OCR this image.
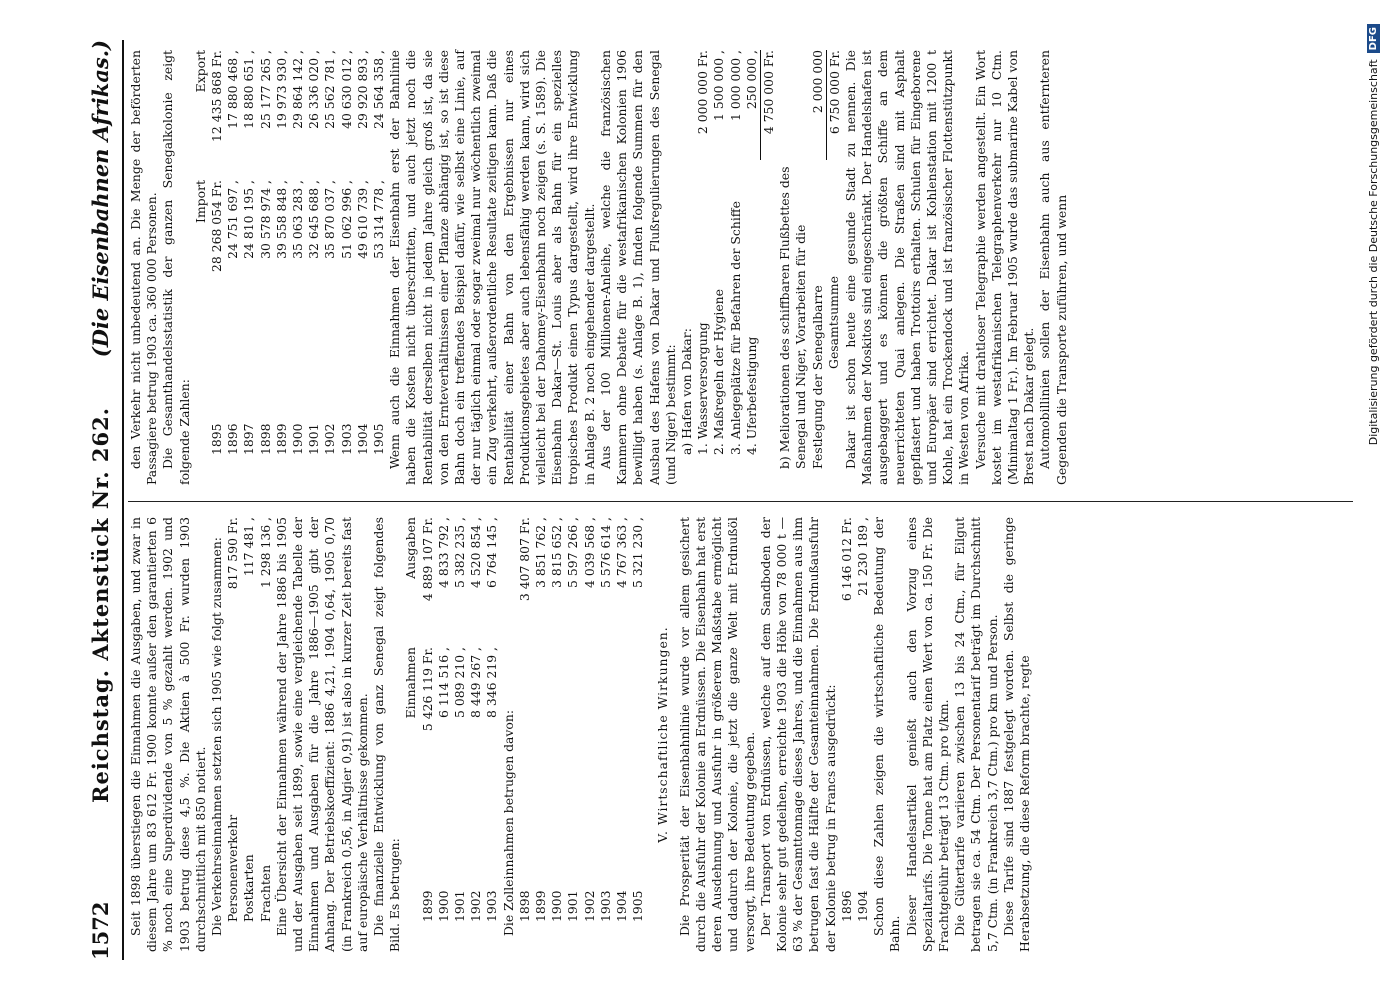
1572
Reichstag. Aktenstück Nr. 262.
(Die Eisenbahnen Afrikas.)

Seit 1898 überstiegen die Einnahmen die Ausgaben, und zwar in diesem Jahre um 83 612 Fr. 1900 konnte außer den garantierten 6 % noch eine Superdividende von 5 % gezahlt werden. 1902 und 1903 betrug diese 4,5 %. Die Aktien à 500 Fr. wurden 1903 durchschnittlich mit 850 notiert. Die Verkehrseinnahmen setzten sich 1905 wie folgt zusammen: Personenverkehr
817 590 Fr.
Postkarten
117 481 ,
Frachten
1 298 136 , Eine Übersicht der Einnahmen während der Jahre 1886 bis 1905 und der Ausgaben seit 1899, sowie eine vergleichende Tabelle der Einnahmen und Ausgaben für die Jahre 1886—1905 gibt der Anhang. Der Betriebskoeffizient: 1886 4,21, 1904 0,64, 1905 0,70 (in Frankreich 0,56, in Algier 0,91) ist also in kurzer Zeit bereits fast auf europäische Verhältnisse gekommen. Die finanzielle Entwicklung von ganz Senegal zeigt folgendes Bild. Es betrugen:

Einnahmen
Ausgaben
1899
5 426 119 Fr.
4 889 107 Fr.
1900
6 114 516 ,
4 833 792 ,
1901
5 089 210 ,
5 382 235 ,
1902
8 449 267 ,
4 520 854 ,
1903
8 346 219 ,
6 764 145 ,

Die Zolleinnahmen betrugen davon: 1898
3 407 807 Fr.
1899
3 851 762 ,
1900
3 815 652 ,
1901
5 597 266 ,
1902
4 039 568 ,
1903
5 576 614 ,
1904
4 767 363 ,
1905
5 321 230 ,
V. Wirtschaftliche Wirkungen. Die Prosperität der Eisenbahnlinie wurde vor allem gesichert durch die Ausfuhr der Kolonie an Erdnüssen. Die Eisenbahn hat erst deren Ausdehnung und Ausfuhr in größerem Maßstabe ermöglicht und dadurch der Kolonie, die jetzt die ganze Welt mit Erdnußöl versorgt, ihre Bedeutung gegeben. Der Transport von Erdnüssen, welche auf dem Sandboden der Kolonie sehr gut gedeihen, erreichte 1903 die Höhe von 78 000 t — 63 % der Gesamttonnage dieses Jahres, und die Einnahmen aus ihm betrugen fast die Hälfte der Gesamteinnahmen. Die Erdnußausfuhr der Kolonie betrug in Francs ausgedrückt: 1896
6 146 012 Fr.
1904
21 230 189 , Schon diese Zahlen zeigen die wirtschaftliche Bedeutung der Bahn. Dieser Handelsartikel genießt auch den Vorzug eines Spezialtarifs. Die Tonne hat am Platz einen Wert von ca. 150 Fr. Die Frachtgebühr beträgt 13 Ctm. pro t/km. Die Gütertarife variieren zwischen 13 bis 24 Ctm., für Eilgut betragen sie ca. 54 Ctm. Der Personentarif beträgt im Durchschnitt 5,7 Ctm. (in Frankreich 3,7 Ctm.) pro km und Person. Diese Tarife sind 1887 festgelegt worden. Selbst die geringe Herabsetzung, die diese Reform brachte, regte

den Verkehr nicht unbedeutend an. Die Menge der beförderten Passagiere betrug 1903 ca. 360 000 Personen. Die Gesamthandelsstatistik der ganzen Senegalkolonie zeigt folgende Zahlen:

Import
Export
1895
28 268 054 Fr.
12 435 868 Fr.
1896
24 751 697 ,
17 880 468 ,
1897
24 810 195 ,
18 880 651 ,
1898
30 578 974 ,
25 177 265 ,
1899
39 558 848 ,
19 973 930 ,
1900
35 063 283 ,
29 864 142 ,
1901
32 645 688 ,
26 336 020 ,
1902
35 870 037 ,
25 562 781 ,
1903
51 062 996 ,
40 630 012 ,
1904
49 610 739 ,
29 920 893 ,
1905
53 314 778 ,
24 564 358 , Wenn auch die Einnahmen der Eisenbahn erst der Bahnlinie haben die Kosten nicht überschritten, und auch jetzt noch die Rentabilität derselben nicht in jedem Jahre gleich groß ist, da sie von den Ernteverhältnissen einer Pflanze abhängig ist, so ist diese Bahn doch ein treffendes Beispiel dafür, wie selbst eine Linie, auf der nur täglich einmal oder sogar zweimal nur wöchentlich zweimal ein Zug verkehrt, außerordentliche Resultate zeitigen kann. Daß die Rentabilität einer Bahn von den Ergebnissen nur eines Produktionsgebietes aber auch lebensfähig werden kann, wird sich vielleicht bei der Dahomey-Eisenbahn noch zeigen (s. S. 1589). Die Eisenbahn Dakar—St. Louis aber als Bahn für ein spezielles tropisches Produkt einen Typus dargestellt, wird ihre Entwicklung in Anlage B. 2 noch eingehender dargestellt. Aus der 100 Millionen-Anleihe, welche die französischen Kammern ohne Debatte für die westafrikanischen Kolonien 1906 bewilligt haben (s. Anlage B. 1), finden folgende Summen für den Ausbau des Hafens von Dakar und Flußregulierungen des Senegal (und Niger) bestimmt: a) Hafen von Dakar: 1. Wasserversorgung
2 000 000 Fr.
2. Maßregeln der Hygiene
1 500 000 ,
3. Anlegeplätze für Befahren der Schiffe
1 000 000 ,
4. Uferbefestigung
250 000 , 4 750 000 Fr.
b) Meliorationen des schiffbaren Flußbettes des Senegal und Niger, Vorarbeiten für die Festlegung der Senegalbarre
2 000 000
Gesamtsumme
6 750 000 Fr. Dakar ist schon heute eine gesunde Stadt zu nennen. Die Maßnahmen der Moskitos sind eingeschränkt. Der Handelshafen ist ausgebaggert und es können die größten Schiffe an dem neuerrichteten Quai anlegen. Die Straßen sind mit Asphalt gepflastert und haben Trottoirs erhalten. Schulen für Eingeborene und Europäer sind errichtet. Dakar ist Kohlenstation mit 1200 t Kohle, hat ein Trockendock und ist französischer Flottenstützpunkt in Westen von Afrika. Versuche mit drahtloser Telegraphie werden angestellt. Ein Wort kostet im westafrikanischen Telegraphenverkehr nur 10 Ctm. (Minimaltag 1 Fr.). Im Februar 1905 wurde das submarine Kabel von Brest nach Dakar gelegt. Automobillinien sollen der Eisenbahn auch aus entfernteren Gegenden die Transporte zuführen, und wenn	Digitalisierung gefördert durch die Deutsche Forschungsgemeinschaft
DFG
